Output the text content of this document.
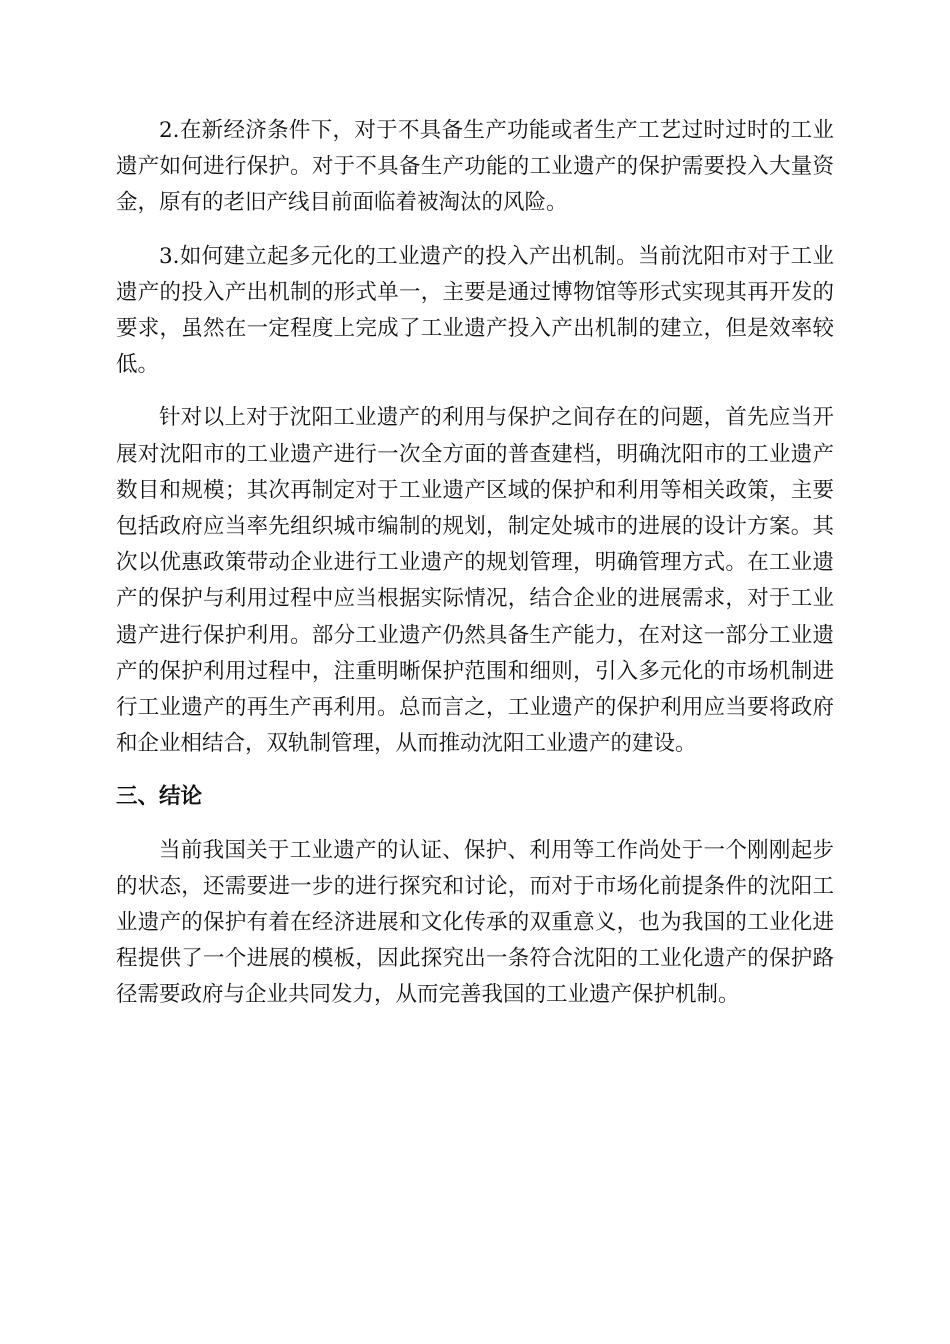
2.在新经济条件下，对于不具备生产功能或者生产工艺过时过时的工业遗产如何进行保护。对于不具备生产功能的工业遗产的保护需要投入大量资金，原有的老旧产线目前面临着被淘汰的风险。

3.如何建立起多元化的工业遗产的投入产出机制。当前沈阳市对于工业遗产的投入产出机制的形式单一，主要是通过博物馆等形式实现其再开发的要求，虽然在一定程度上完成了工业遗产投入产出机制的建立，但是效率较低。

针对以上对于沈阳工业遗产的利用与保护之间存在的问题，首先应当开展对沈阳市的工业遗产进行一次全方面的普查建档，明确沈阳市的工业遗产数目和规模；其次再制定对于工业遗产区域的保护和利用等相关政策，主要包括政府应当率先组织城市编制的规划，制定处城市的进展的设计方案。其次以优惠政策带动企业进行工业遗产的规划管理，明确管理方式。在工业遗产的保护与利用过程中应当根据实际情况，结合企业的进展需求，对于工业遗产进行保护利用。部分工业遗产仍然具备生产能力，在对这一部分工业遗产的保护利用过程中，注重明晰保护范围和细则，引入多元化的市场机制进行工业遗产的再生产再利用。总而言之，工业遗产的保护利用应当要将政府和企业相结合，双轨制管理，从而推动沈阳工业遗产的建设。

三、结论

当前我国关于工业遗产的认证、保护、利用等工作尚处于一个刚刚起步的状态，还需要进一步的进行探究和讨论，而对于市场化前提条件的沈阳工业遗产的保护有着在经济进展和文化传承的双重意义，也为我国的工业化进程提供了一个进展的模板，因此探究出一条符合沈阳的工业化遗产的保护路径需要政府与企业共同发力，从而完善我国的工业遗产保护机制。
